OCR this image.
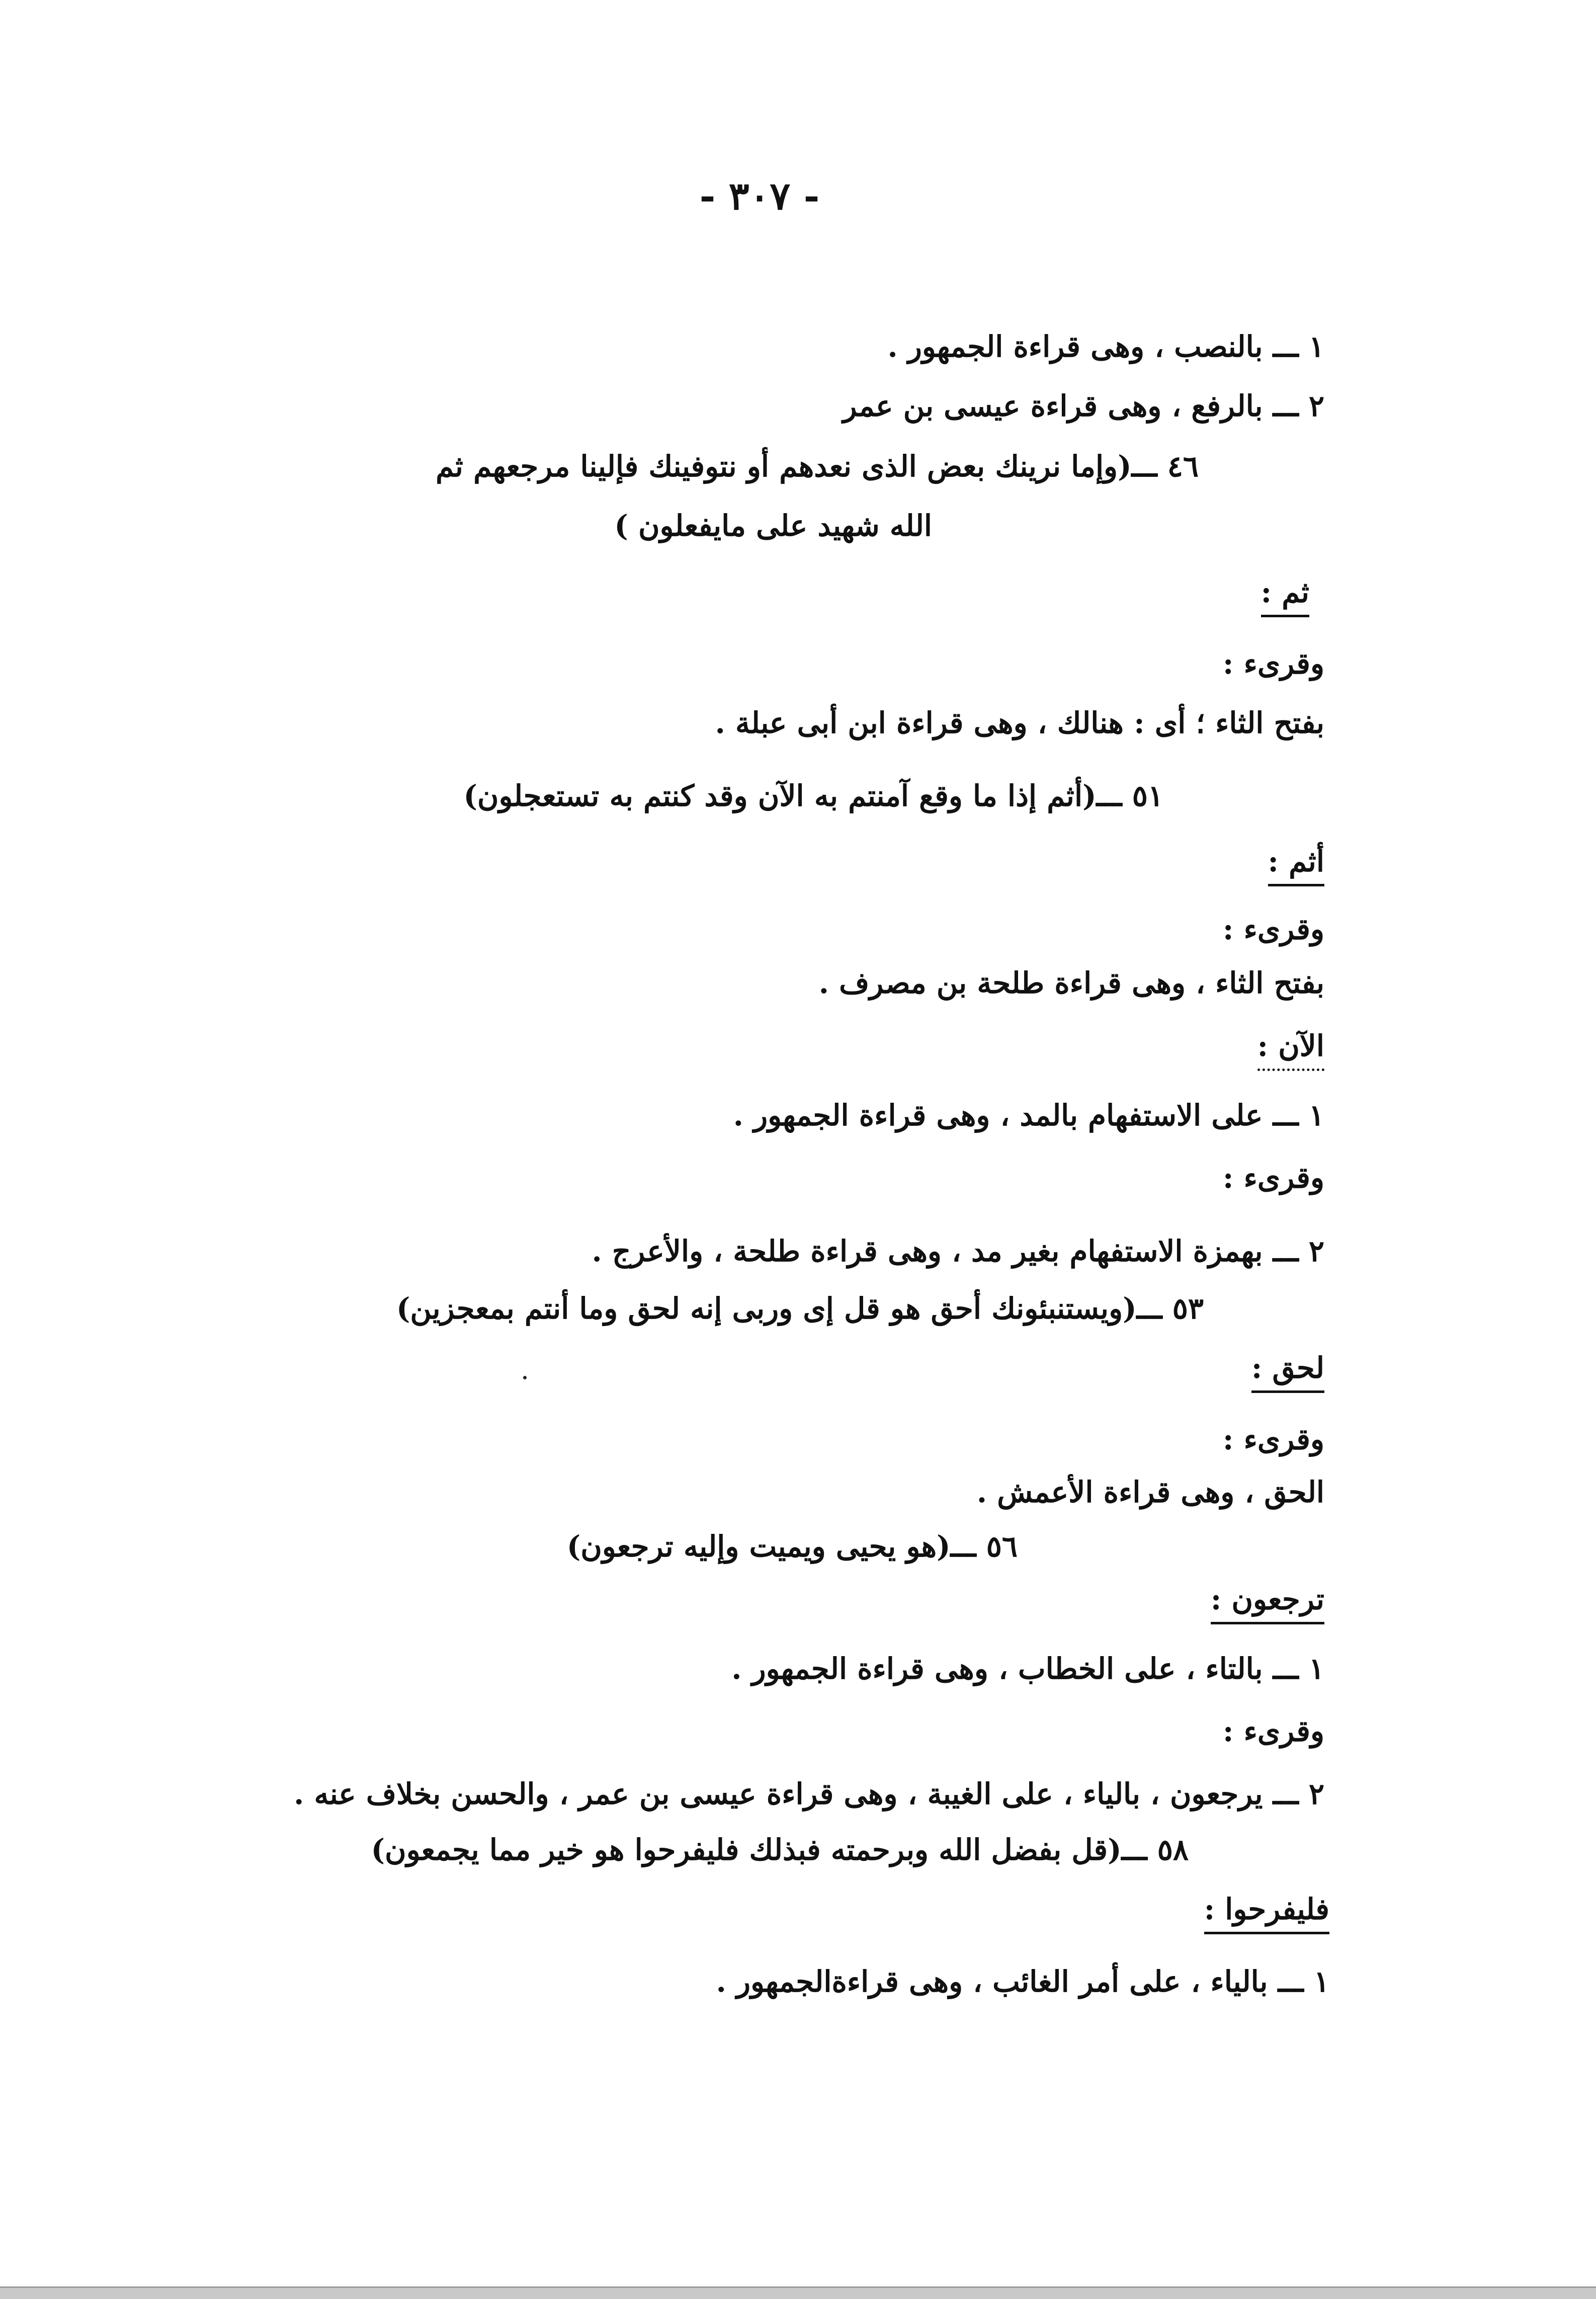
- ٣٠٧ -
١ ـــ بالنصب ، وهى قراءة الجمهور .
٢ ـــ بالرفع ، وهى قراءة عيسى بن عمر
٤٦ ـــ(وإما نرينك بعض الذى نعدهم أو نتوفينك فإلينا مرجعهم ثم
الله شهيد على مايفعلون )
ثم :
وقرىء :
بفتح الثاء ؛ أى : هنالك ، وهى قراءة ابن أبى عبلة .
٥١ ـــ(أثم إذا ما وقع آمنتم به الآن وقد كنتم به تستعجلون)
أثم :
وقرىء :
بفتح الثاء ، وهى قراءة طلحة بن مصرف .
الآن :
١ ـــ على الاستفهام بالمد ، وهى قراءة الجمهور .
وقرىء :
٢ ـــ بهمزة الاستفهام بغير مد ، وهى قراءة طلحة ، والأعرج .
٥٣ ـــ(ويستنبئونك أحق هو قل إى وربى إنه لحق وما أنتم بمعجزين)
لحق :
وقرىء :
الحق ، وهى قراءة الأعمش .
٥٦ ـــ(هو يحيى ويميت وإليه ترجعون)
ترجعون :
١ ـــ بالتاء ، على الخطاب ، وهى قراءة الجمهور .
وقرىء :
٢ ـــ يرجعون ، بالياء ، على الغيبة ، وهى قراءة عيسى بن عمر ، والحسن بخلاف عنه .
٥٨ ـــ(قل بفضل الله وبرحمته فبذلك فليفرحوا هو خير مما يجمعون)
فليفرحوا :
١ ـــ بالياء ، على أمر الغائب ، وهى قراءةالجمهور .
